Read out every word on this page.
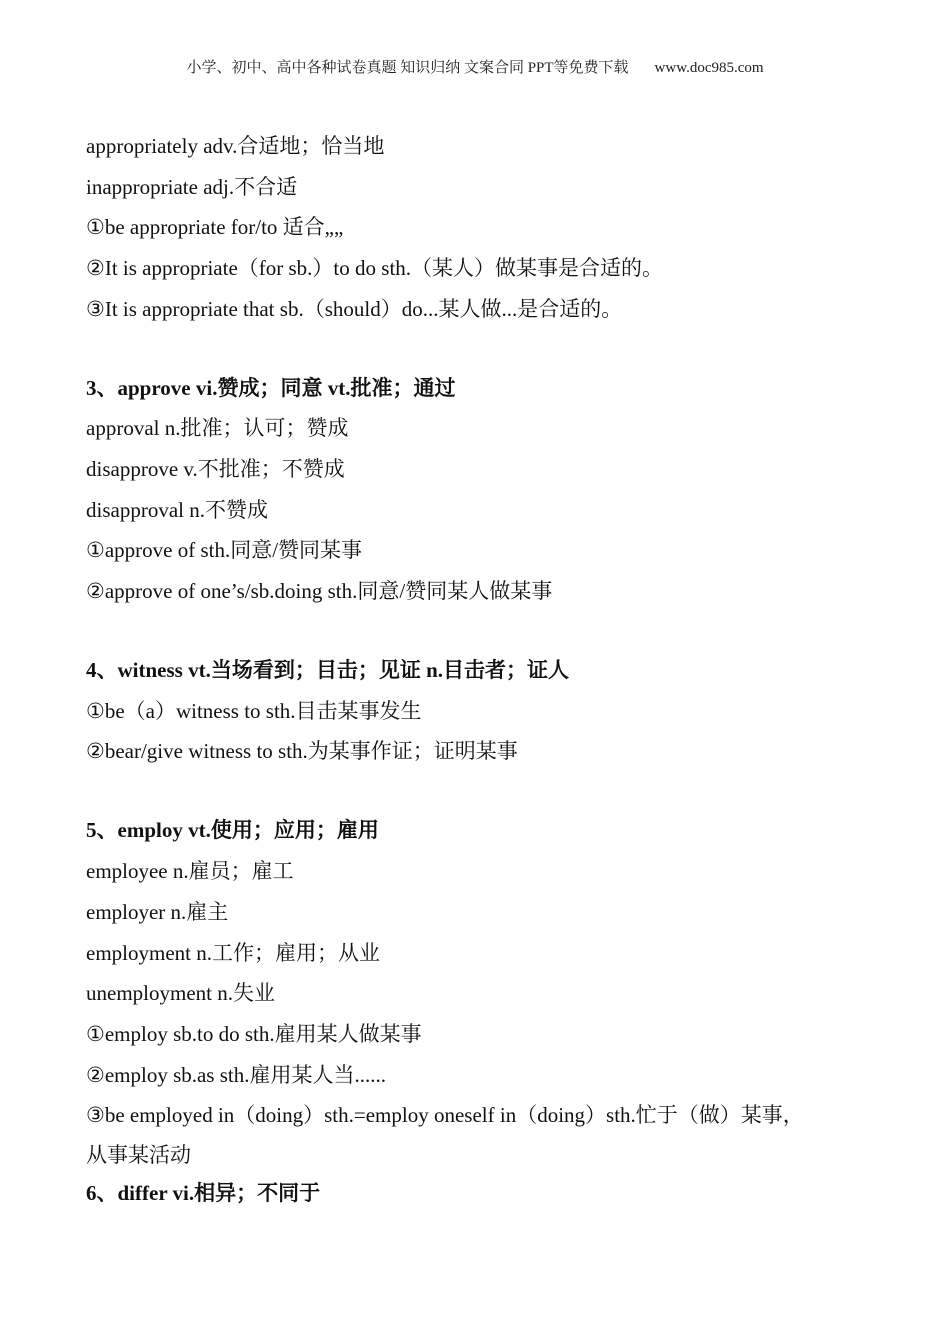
小学、初中、高中各种试卷真题 知识归纳 文案合同 PPT等免费下载 www.doc985.com
appropriately adv.合适地；恰当地
inappropriate adj.不合适
①be appropriate for/to 适合„„
②It is appropriate（for sb.）to do sth.（某人）做某事是合适的。
③It is appropriate that sb.（should）do...某人做...是合适的。
3、approve vi.赞成；同意 vt.批准；通过
approval n.批准；认可；赞成
disapprove v.不批准；不赞成
disapproval n.不赞成
①approve of sth.同意/赞同某事
②approve of one’s/sb.doing sth.同意/赞同某人做某事
4、witness vt.当场看到；目击；见证 n.目击者；证人
①be（a）witness to sth.目击某事发生
②bear/give witness to sth.为某事作证；证明某事
5、employ vt.使用；应用；雇用
employee n.雇员；雇工
employer n.雇主
employment n.工作；雇用；从业
unemployment n.失业
①employ sb.to do sth.雇用某人做某事
②employ sb.as sth.雇用某人当......
③be employed in（doing）sth.=employ oneself in（doing）sth.忙于（做）某事，
从事某活动
6、differ vi.相异；不同于
